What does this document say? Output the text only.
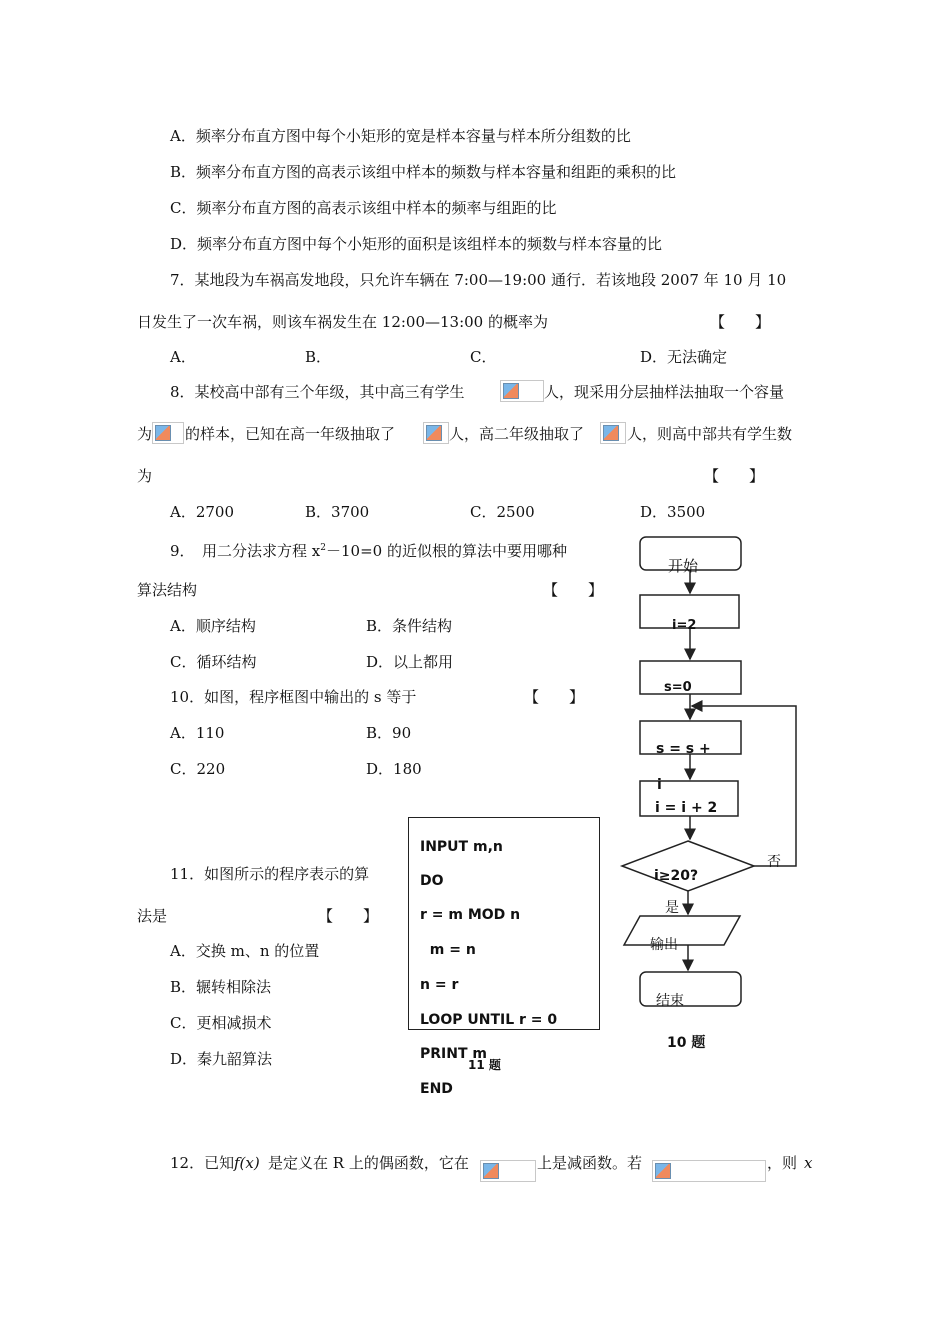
A．频率分布直方图中每个小矩形的宽是样本容量与样本所分组数的比
B．频率分布直方图的高表示该组中样本的频数与样本容量和组距的乘积的比
C．频率分布直方图的高表示该组中样本的频率与组距的比
D．频率分布直方图中每个小矩形的面积是该组样本的频数与样本容量的比
7．某地段为车祸高发地段，只允许车辆在 7:00—19:00 通行．若该地段 2007 年 10 月 10
日发生了一次车祸，则该车祸发生在 12:00—13:00 的概率为	【　　】
A．	B．	C．	D．无法确定
8．某校高中部有三个年级，其中高三有学生	人，现采用分层抽样法抽取一个容量
为 的样本，已知在高一年级抽取了	人，高二年级抽取了	人，则高中部共有学生数
为	【　　】
A．2700	B．3700	C．2500	D．3500
9．　用二分法求方程 $x^2-10=0$ 的近似根的算法中要用哪种
算法结构	【　　】
A．顺序结构	B．条件结构
C．循环结构	D．以上都用
10．如图，程序框图中输出的 s 等于	【　　】
A．110	B．90
C．220	D．180
11．如图所示的程序表示的算
法是	【　　】
A．交换 m、n 的位置
B．辗转相除法
C．更相减损术
D．秦九韶算法
INPUT m,n
DO
r = m MOD n
m = n
n = r
LOOP UNTIL r = 0
PRINT m
END
11 题
开始
i=2
s=0
s = s +
i
i = i + 2
i≥20?
否
是
输出
结束
10 题
12．已知 f(x) 是定义在 R 上的偶函数，它在	上是减函数。若	，则 x
